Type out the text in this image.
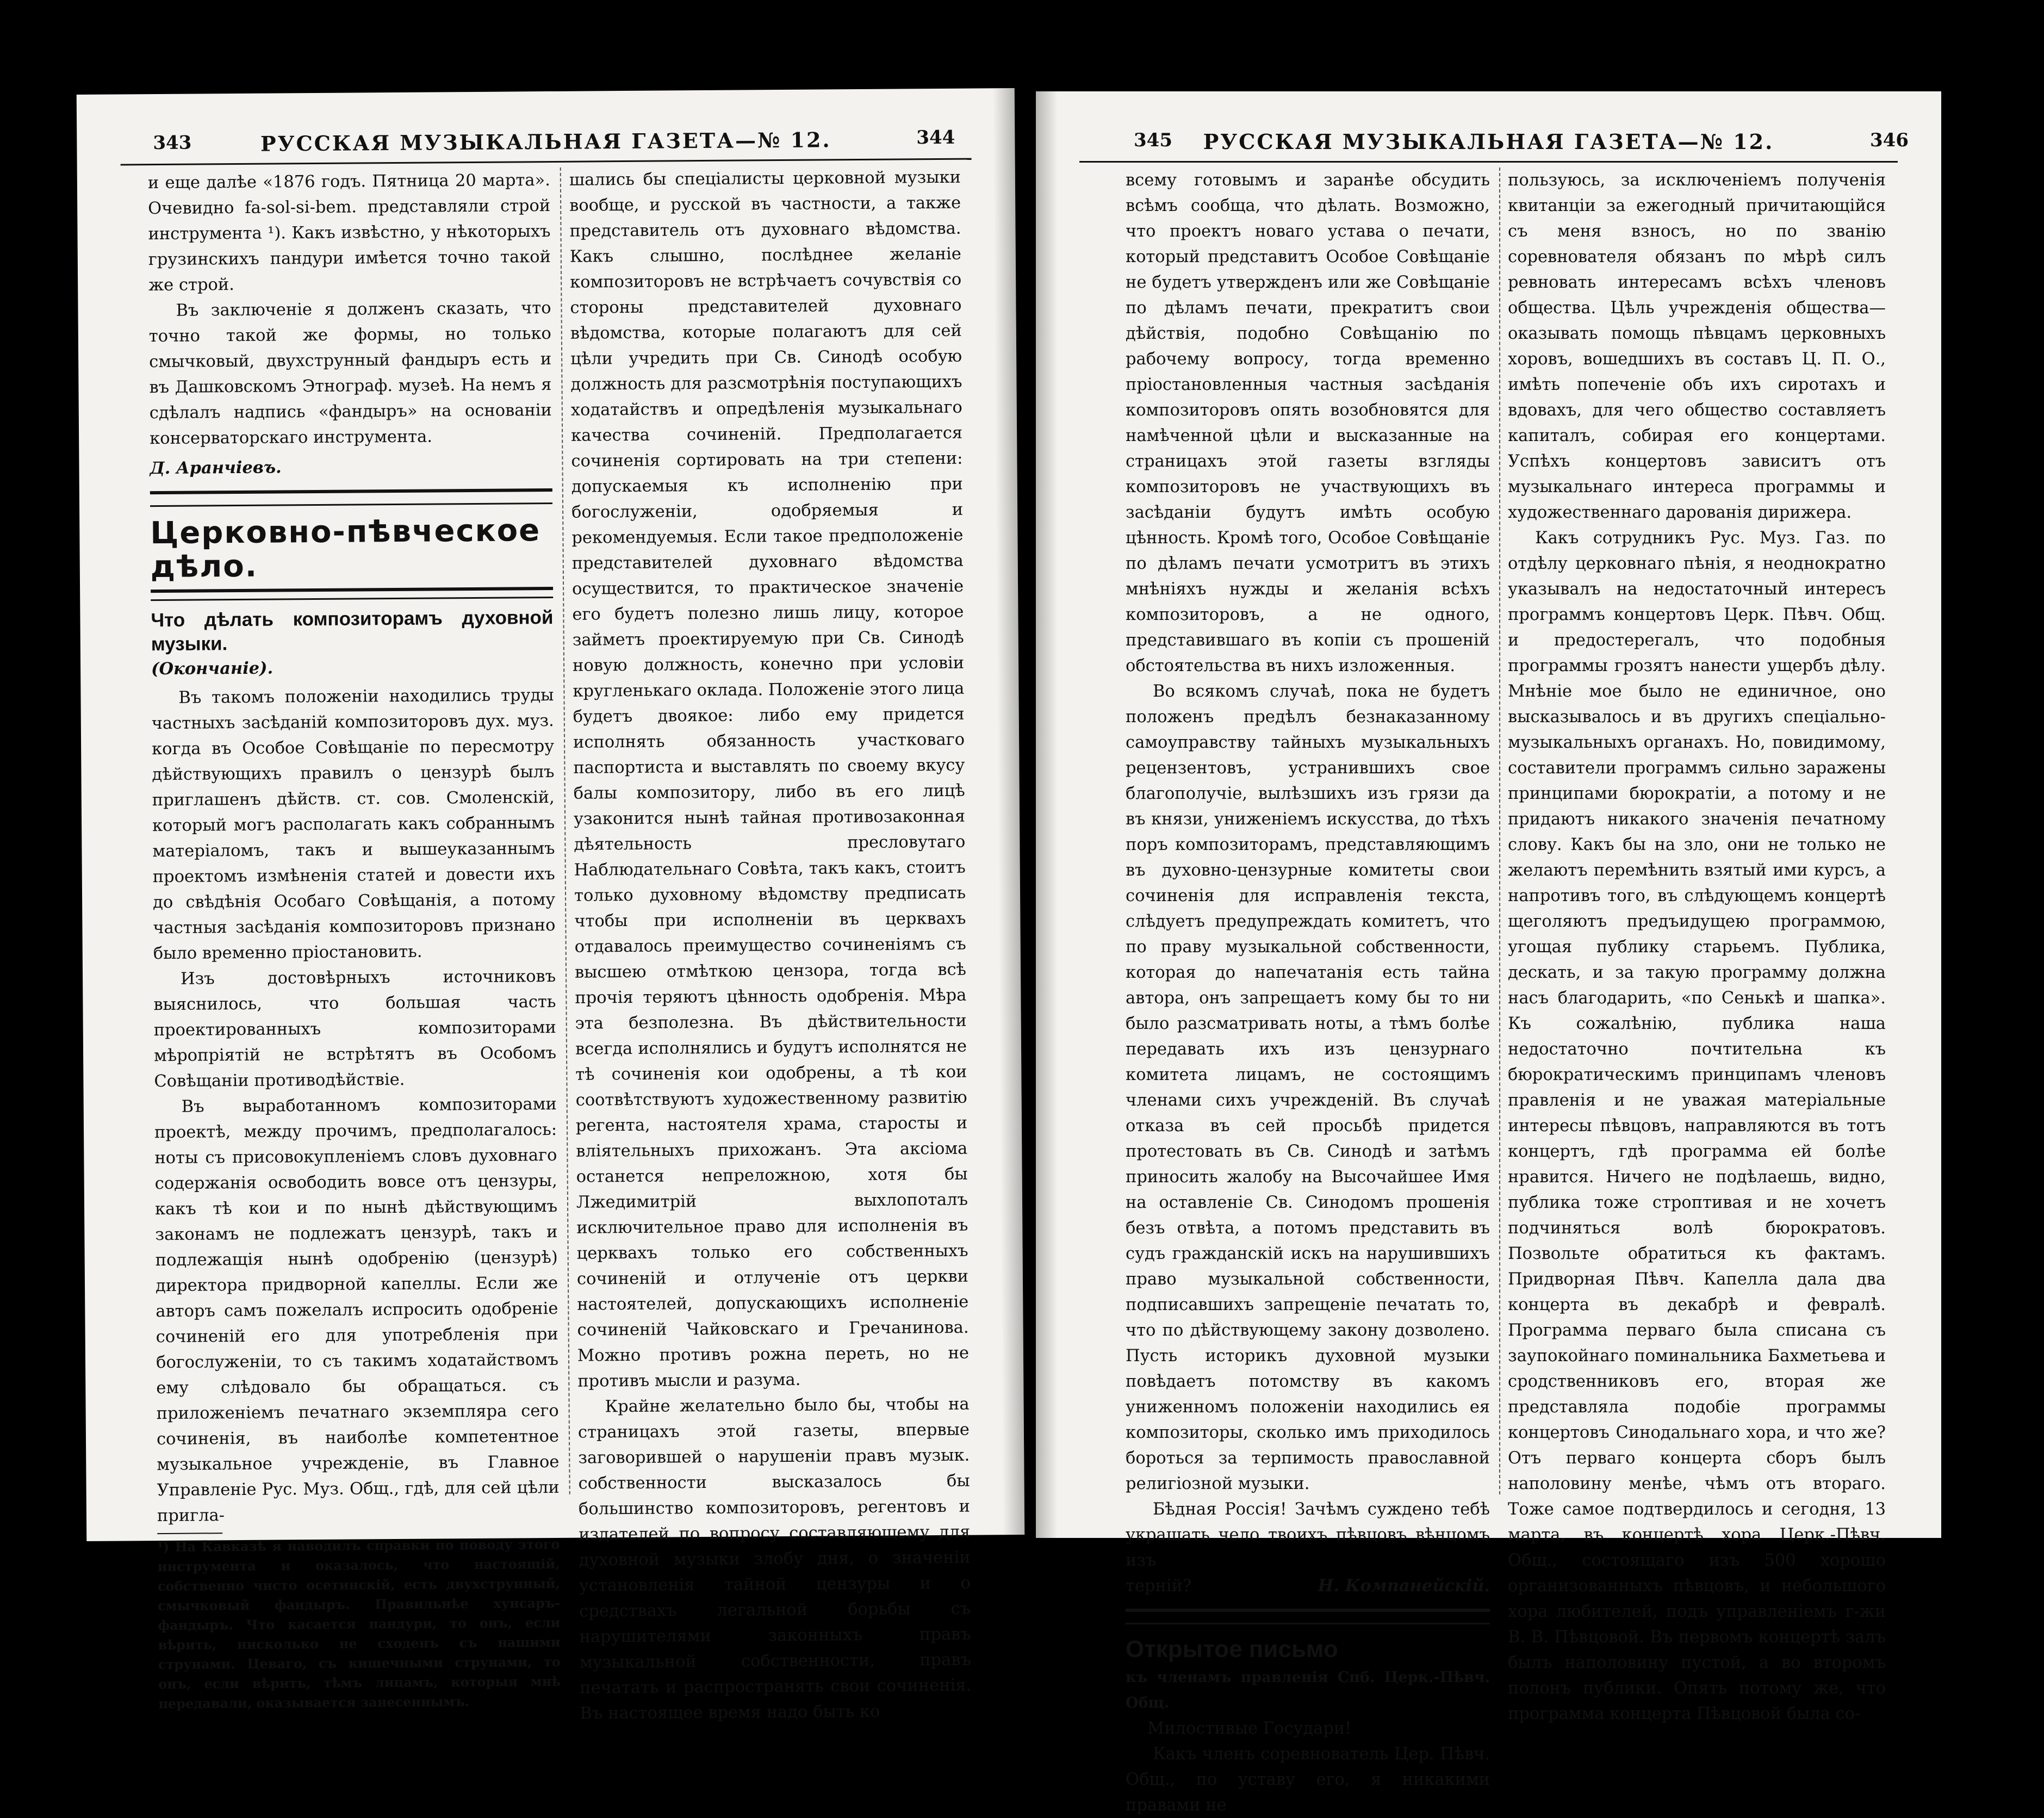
343	РУССКАЯ МУЗЫКАЛЬНАЯ ГАЗЕТА—№ 12.	344

и еще далѣе «1876 годъ. Пятница 20 марта». Очевидно fa-sol-si-bem. представляли строй инструмента ¹). Какъ извѣстно, у нѣкоторыхъ грузинскихъ пандури имѣется точно такой же строй.

Въ заключенiе я долженъ сказать, что точно такой же формы, но только смычковый, двухструнный фандыръ есть и въ Дашковскомъ Этнограф. музеѣ. На немъ я сдѣлалъ надпись «фандыръ» на основанiи консерваторскаго инструмента.

Д. Аранчiевъ.

Церковно-пѣвческое дѣло.

Что дѣлать композиторамъ духовной музыки.

(Окончанiе).

Въ такомъ положенiи находились труды частныхъ засѣданiй композиторовъ дух. муз. когда въ Особое Совѣщанiе по пересмотру дѣйствующихъ правилъ о цензурѣ былъ приглашенъ дѣйств. ст. сов. Смоленскiй, который могъ располагать какъ собраннымъ матерiаломъ, такъ и вышеуказаннымъ проектомъ измѣненiя статей и довести ихъ до свѣдѣнiя Особаго Совѣщанiя, а потому частныя засѣданiя композиторовъ признано было временно прiостановить.

Изъ достовѣрныхъ источниковъ выяснилось, что большая часть проектированныхъ композиторами мѣропрiятiй не встрѣтятъ въ Особомъ Совѣщанiи противодѣйствiе.

Въ выработанномъ композиторами проектѣ, между прочимъ, предполагалось: ноты съ присовокупленiемъ словъ духовнаго содержанiя освободить вовсе отъ цензуры, какъ тѣ кои и по нынѣ дѣйствующимъ законамъ не подлежатъ цензурѣ, такъ и подлежащiя нынѣ одобренiю (цензурѣ) директора придворной капеллы. Если же авторъ самъ пожелалъ испросить одобренiе сочиненiй его для употребленiя при богослуженiи, то съ такимъ ходатайствомъ ему слѣдовало бы обращаться. съ приложенiемъ печатнаго экземпляра сего сочиненiя, въ наиболѣе компетентное музыкальное учрежденiе, въ Главное Управленiе Рус. Муз. Общ., гдѣ, для сей цѣли пригла-

¹) На Кавказѣ я наводилъ справки по поводу этого инструмента и оказалось, что настоящiй, собственно чисто осетинскiй, есть двухструнный, смычковый фандыръ. Правильнѣе хунсаръ-фандыръ. Что касается пандури, то онъ, если вѣрить, нисколько не сходенъ съ нашими струнами. Цеваго, съ кишечными струнами, то онъ, если вѣрить, тѣмъ лицамъ, которыя мнѣ передавали, оказывается занесеннымъ.

шались бы спецiалисты церковной музыки вообще, и русской въ частности, а также представитель отъ духовнаго вѣдомства. Какъ слышно, послѣднее желанiе композиторовъ не встрѣчаетъ сочувствiя со стороны представителей духовнаго вѣдомства, которые полагаютъ для сей цѣли учредить при Св. Синодѣ особую должность для разсмотрѣнiя поступающихъ ходатайствъ и опредѣленiя музыкальнаго качества сочиненiй. Предполагается сочиненiя сортировать на три степени: допускаемыя къ исполненiю при богослуженiи, одобряемыя и рекомендуемыя. Если такое предположенiе представителей духовнаго вѣдомства осуществится, то практическое значенiе его будетъ полезно лишь лицу, которое займетъ проектируемую при Св. Синодѣ новую должность, конечно при условiи кругленькаго оклада. Положенiе этого лица будетъ двоякое: либо ему придется исполнять обязанность участковаго паспортиста и выставлять по своему вкусу балы композитору, либо въ его лицѣ узаконится нынѣ тайная противозаконная дѣятельность пресловутаго Наблюдательнаго Совѣта, такъ какъ, стоитъ только духовному вѣдомству предписать чтобы при исполненiи въ церквахъ отдавалось преимущество сочиненiямъ съ высшею отмѣткою цензора, тогда всѣ прочiя теряютъ цѣнность одобренiя. Мѣра эта безполезна. Въ дѣйствительности всегда исполнялись и будутъ исполнятся не тѣ сочиненiя кои одобрены, а тѣ кои соотвѣтствуютъ художественному развитiю регента, настоятеля храма, старосты и влiятельныхъ прихожанъ. Эта аксiома останется непреложною, хотя бы Лжедимитрiй выхлопоталъ исключительное право для исполненiя въ церквахъ только его собственныхъ сочиненiй и отлученiе отъ церкви настоятелей, допускающихъ исполненiе сочиненiй Чайковскаго и Гречанинова. Можно противъ рожна переть, но не противъ мысли и разума.

Крайне желательно было бы, чтобы на страницахъ этой газеты, впервые заговорившей о нарушенiи правъ музык. собственности высказалось бы большинство композиторовъ, регентовъ и издателей по вопросу составляющему для духовной музыки злобу дня, о значенiи установленiя тайной цензуры и о средствахъ легальной борьбы съ нарушителями законныхъ правъ музыкальной собственности, правъ печатать и распространять свои сочиненiя. Въ настоящее время надо быть ко

345	РУССКАЯ МУЗЫКАЛЬНАЯ ГАЗЕТА—№ 12.	346

всему готовымъ и заранѣе обсудить всѣмъ сообща, что дѣлать. Возможно, что проектъ новаго устава о печати, который представитъ Особое Совѣщанiе не будетъ утвержденъ или же Совѣщанiе по дѣламъ печати, прекратитъ свои дѣйствiя, подобно Совѣщанiю по рабочему вопросу, тогда временно прiостановленныя частныя засѣданiя композиторовъ опять возобновятся для намѣченной цѣли и высказанные на страницахъ этой газеты взгляды композиторовъ не участвующихъ въ засѣданiи будутъ имѣть особую цѣнность. Кромѣ того, Особое Совѣщанiе по дѣламъ печати усмотритъ въ этихъ мнѣнiяхъ нужды и желанiя всѣхъ композиторовъ, а не одного, представившаго въ копiи съ прошенiй обстоятельства въ нихъ изложенныя.

Во всякомъ случаѣ, пока не будетъ положенъ предѣлъ безнаказанному самоуправству тайныхъ музыкальныхъ рецензентовъ, устранившихъ свое благополучiе, вылѣзшихъ изъ грязи да въ князи, униженiемъ искусства, до тѣхъ поръ композиторамъ, представляющимъ въ духовно-цензурные комитеты свои сочиненiя для исправленiя текста, слѣдуетъ предупреждать комитетъ, что по праву музыкальной собственности, которая до напечатанiя есть тайна автора, онъ запрещаетъ кому бы то ни было разсматривать ноты, а тѣмъ болѣе передавать ихъ изъ цензурнаго комитета лицамъ, не состоящимъ членами сихъ учрежденiй. Въ случаѣ отказа въ сей просьбѣ придется протестовать въ Св. Синодѣ и затѣмъ приносить жалобу на Высочайшее Имя на оставленiе Св. Синодомъ прошенiя безъ отвѣта, а потомъ представить въ судъ гражданскiй искъ на нарушившихъ право музыкальной собственности, подписавшихъ запрещенiе печатать то, что по дѣйствующему закону дозволено. Пусть историкъ духовной музыки повѣдаетъ потомству въ какомъ униженномъ положенiи находились ея композиторы, сколько имъ приходилось бороться за терпимость православной религiозной музыки.

Бѣдная Россiя! Зачѣмъ суждено тебѣ украшать чело твоихъ пѣвцовъ вѣнцомъ изъ

тернiй?	Н. Компанейскiй.

Открытое письмо

къ членамъ правленiя Спб. Церк.-Пѣвч. Общ.

Милостивые Государи!

Какъ членъ соревнователь Цер. Пѣвч. Общ., по уставу его, я никакими правами не

пользуюсь, за исключенiемъ полученiя квитанцiи за ежегодный причитающiйся съ меня взносъ, но по званiю соревнователя обязанъ по мѣрѣ силъ ревновать интересамъ всѣхъ членовъ общества. Цѣль учрежденiя общества—оказывать помощь пѣвцамъ церковныхъ хоровъ, вошедшихъ въ составъ Ц. П. О., имѣть попеченiе объ ихъ сиротахъ и вдовахъ, для чего общество составляетъ капиталъ, собирая его концертами. Успѣхъ концертовъ зависитъ отъ музыкальнаго интереса программы и художественнаго дарованiя дирижера.

Какъ сотрудникъ Рус. Муз. Газ. по отдѣлу церковнаго пѣнiя, я неоднократно указывалъ на недостаточный интересъ программъ концертовъ Церк. Пѣвч. Общ. и предостерегалъ, что подобныя программы грозятъ нанести ущербъ дѣлу. Мнѣнiе мое было не единичное, оно высказывалось и въ другихъ спецiально-музыкальныхъ органахъ. Но, повидимому, составители программъ сильно заражены принципами бюрократiи, а потому и не придаютъ никакого значенiя печатному слову. Какъ бы на зло, они не только не желаютъ перемѣнить взятый ими курсъ, а напротивъ того, въ слѣдующемъ концертѣ щеголяютъ предъидущею программою, угощая публику старьемъ. Публика, дескать, и за такую программу должна насъ благодарить, «по Сенькѣ и шапка». Къ сожалѣнiю, публика наша недостаточно почтительна къ бюрократическимъ принципамъ членовъ правленiя и не уважая матерiальные интересы пѣвцовъ, направляются въ тотъ концертъ, гдѣ программа ей болѣе нравится. Ничего не подѣлаешь, видно, публика тоже строптивая и не хочетъ подчиняться волѣ бюрократовъ. Позвольте обратиться къ фактамъ. Придворная Пѣвч. Капелла дала два концерта въ декабрѣ и февралѣ. Программа перваго была списана съ заупокойнаго поминальника Бахметьева и сродственниковъ его, вторая же представляла подобiе программы концертовъ Синодальнаго хора, и что же? Отъ перваго концерта сборъ былъ наполовину менѣе, чѣмъ отъ втораго. Тоже самое подтвердилось и сегодня, 13 марта, въ концертѣ хора Церк.-Пѣвч. Общ., состоящаго изъ 500 хорошо организованныхъ пѣвцовъ, и небольшого хора любителей, подъ управленiемъ г-жи В. В. Пѣвцовой. Въ первомъ концертѣ залъ былъ наполовину пустой, а во второмъ полонъ публики. Опять потому же, что программа концерта Пѣвцовой была со-
